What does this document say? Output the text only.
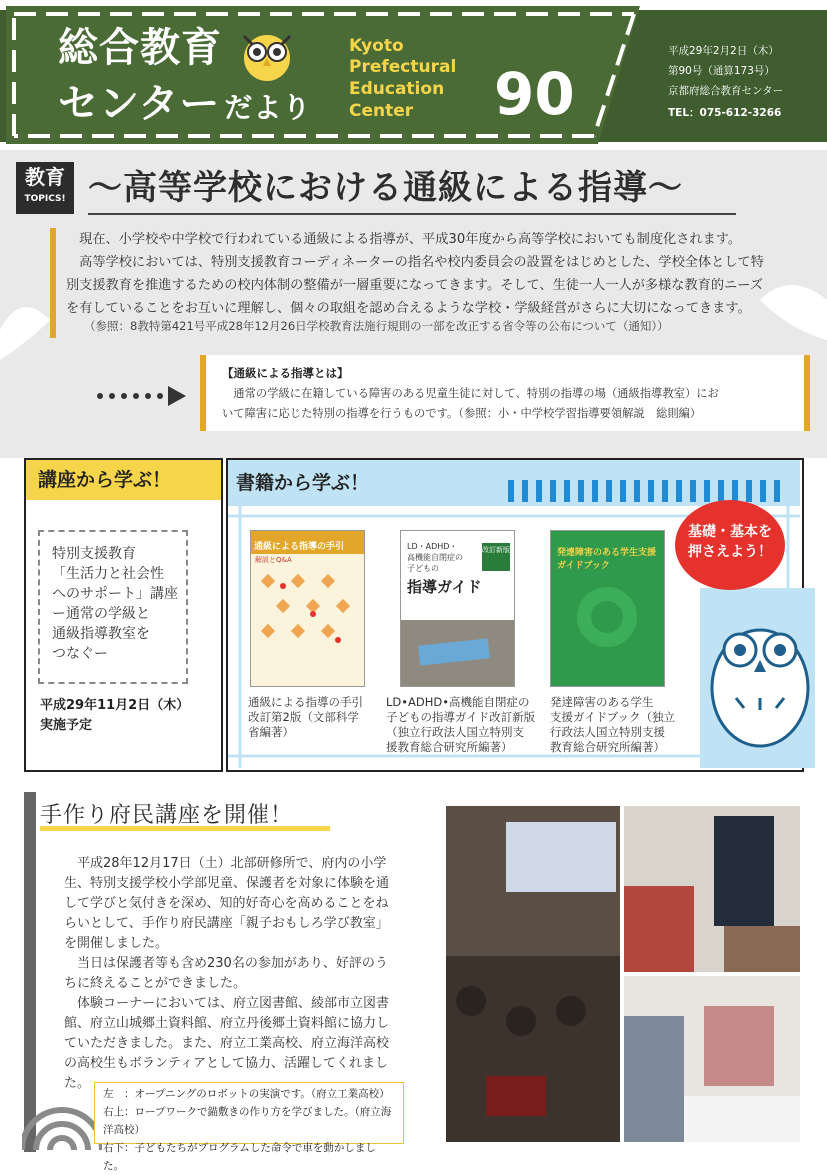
総合教育
センター だより
Kyoto
Prefectural
Education
Center 90
平成29年2月2日（木）
第90号（通算173号）
京都府総合教育センター
TEL：075-612-3266
教育
TOPICS! 〜高等学校における通級による指導〜
　現在、小学校や中学校で行われている通級による指導が、平成30年度から高等学校においても制度化されます。
　高等学校においては、特別支援教育コーディネーターの指名や校内委員会の設置をはじめとした、学校全体として特
別支援教育を推進するための校内体制の整備が一層重要になってきます。そして、生徒一人一人が多様な教育的ニーズ
を有していることをお互いに理解し、個々の取組を認め合えるような学校・学級経営がさらに大切になってきます。
（参照：8教特第421号平成28年12月26日学校教育法施行規則の一部を改正する省令等の公布について（通知））
【通級による指導とは】
　通常の学級に在籍している障害のある児童生徒に対して、特別の指導の場（通級指導教室）にお
いて障害に応じた特別の指導を行うものです。（参照：小・中学校学習指導要領解説　総則編）
講座から学ぶ！
特別支援教育
「生活力と社会性
へのサポート」講座
ー通常の学級と
通級指導教室を
つなぐー
平成29年11月2日（木）
実施予定
書籍から学ぶ！
通級による指導の手引
解説とQ&A
通級による指導の手引
改訂第2版（文部科学
省編著）
LD・ADHD・
高機能自閉症の
子どもの
指導ガイド
改訂新版
LD•ADHD•高機能自閉症の
子どもの指導ガイド改訂新版
（独立行政法人国立特別支
援教育総合研究所編著）
発達障害のある学生支援ガイドブック
発達障害のある学生
支援ガイドブック（独立
行政法人国立特別支援
教育総合研究所編著）
基礎・基本を
押さえよう！
手作り府民講座を開催！
　平成28年12月17日（土）北部研修所で、府内の小学
生、特別支援学校小学部児童、保護者を対象に体験を通
して学びと気付きを深め、知的好奇心を高めることをね
らいとして、手作り府民講座「親子おもしろ学び教室」
を開催しました。
　当日は保護者等も含め230名の参加があり、好評のう
ちに終えることができました。
　体験コーナーにおいては、府立図書館、綾部市立図書
館、府立山城郷土資料館、府立丹後郷土資料館に協力し
ていただきました。また、府立工業高校、府立海洋高校
の高校生もボランティアとして協力、活躍してくれまし
た。
左　：オープニングのロボットの実演です。（府立工業高校）
右上：ロープワークで錨敷きの作り方を学びました。（府立海洋高校）
右下：子どもたちがプログラムした命令で車を動かしました。
